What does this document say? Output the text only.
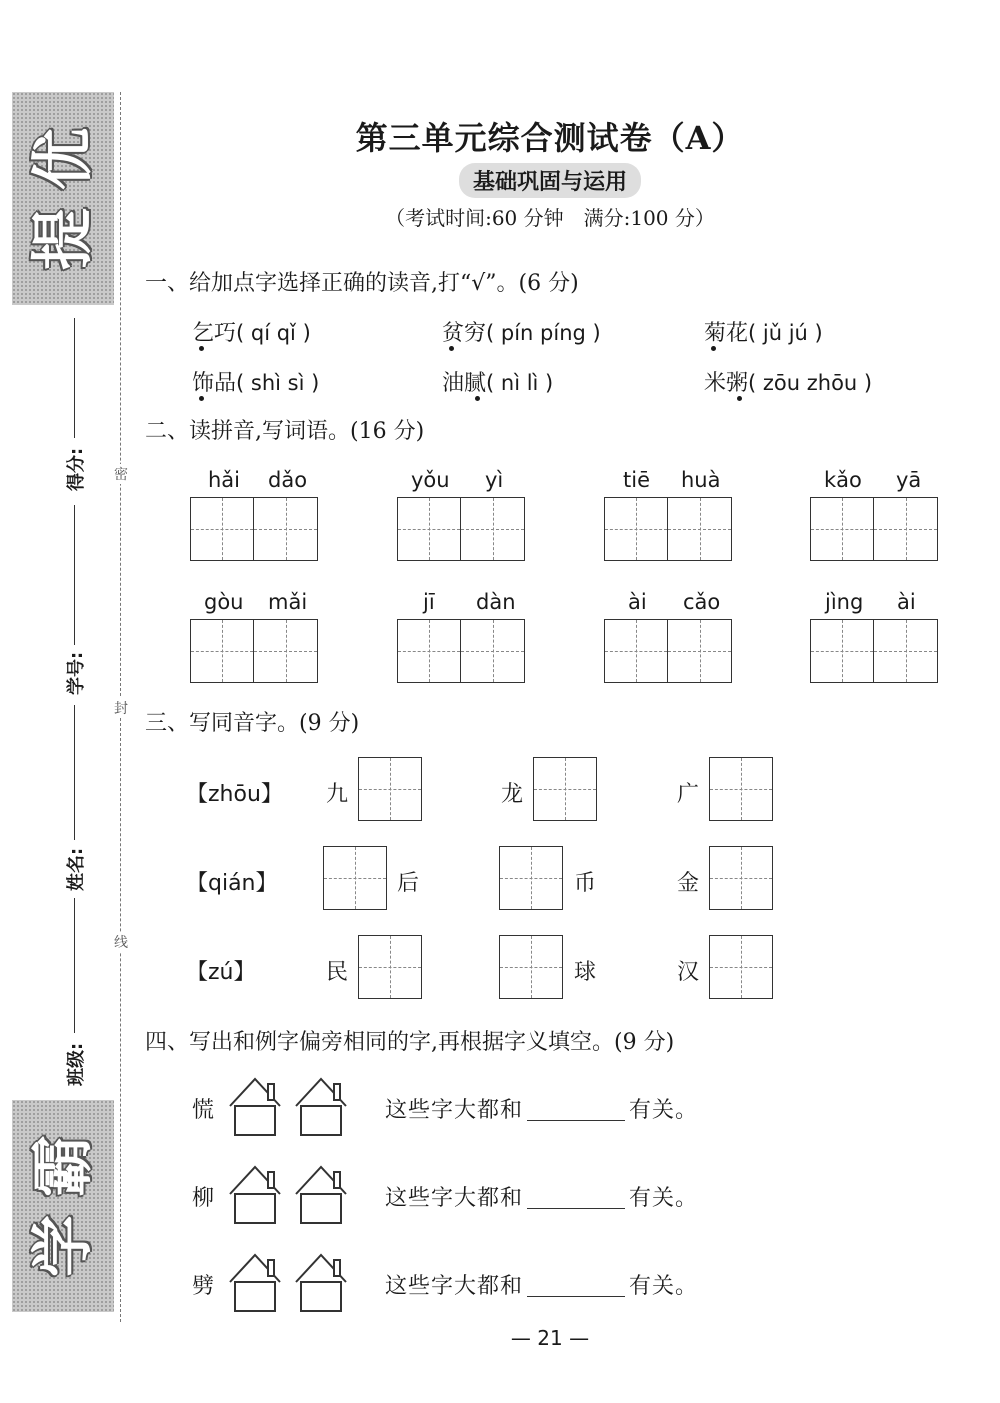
优
提
霸
学
得分:
学号:
姓名:
班级:
密
封
线
第三单元综合测试卷（A）
基础巩固与运用
（考试时间:60 分钟　满分:100 分）
一、给加点字选择正确的读音,打“√”。(6 分)
乞巧( qí qǐ )	贫穷( pín píng )	菊花( jǔ jú )
饰品( shì sì )	油腻( nì lì )	米粥( zōu zhōu )
二、读拼音,写词语。(16 分)
hǎi dǎo	yǒu yì	tiē huà	kǎo yā
gòu mǎi	jī dàn	ài cǎo	jìng ài
三、写同音字。(9 分)
【zhōu】 九	龙	广
【qián】	后	币	金
【zú】	民	球	汉
四、写出和例字偏旁相同的字,再根据字义填空。(9 分)
慌	这些字大都和	有关。
柳	这些字大都和	有关。
劈	这些字大都和	有关。
— 21 —
